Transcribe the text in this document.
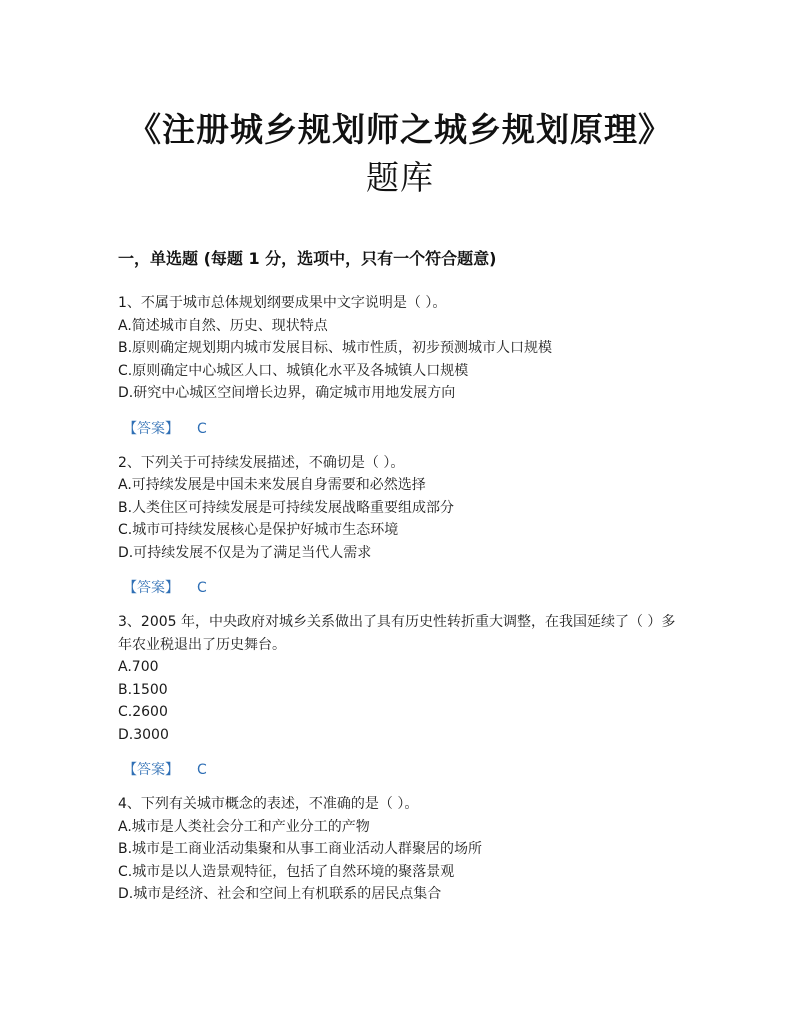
《注册城乡规划师之城乡规划原理》
题库
一，单选题 (每题 1 分，选项中，只有一个符合题意)
1、不属于城市总体规划纲要成果中文字说明是（ ）。
A.简述城市自然、历史、现状特点
B.原则确定规划期内城市发展目标、城市性质，初步预测城市人口规模
C.原则确定中心城区人口、城镇化水平及各城镇人口规模
D.研究中心城区空间增长边界，确定城市用地发展方向
【答案】 C
2、下列关于可持续发展描述，不确切是（ ）。
A.可持续发展是中国未来发展自身需要和必然选择
B.人类住区可持续发展是可持续发展战略重要组成部分
C.城市可持续发展核心是保护好城市生态环境
D.可持续发展不仅是为了满足当代人需求
【答案】 C
3、2005 年，中央政府对城乡关系做出了具有历史性转折重大调整，在我国延续了（ ）多年农业税退出了历史舞台。
A.700
B.1500
C.2600
D.3000
【答案】 C
4、下列有关城市概念的表述，不准确的是（ ）。
A.城市是人类社会分工和产业分工的产物
B.城市是工商业活动集聚和从事工商业活动人群聚居的场所
C.城市是以人造景观特征，包括了自然环境的聚落景观
D.城市是经济、社会和空间上有机联系的居民点集合
